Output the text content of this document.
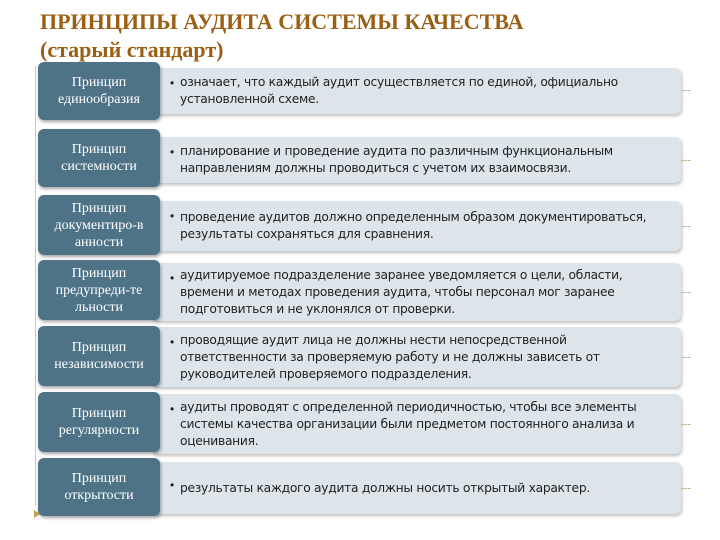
ПРИНЦИПЫ АУДИТА СИСТЕМЫ КАЧЕСТВА
(старый стандарт)
• означает, что каждый аудит осуществляется по единой, официально установленной схеме.
Принцип единообразия
• планирование и проведение аудита по различным функциональным направлениям должны проводиться с учетом их взаимосвязи.
Принцип системности
• проведение аудитов должно определенным образом документироваться, результаты сохраняться для сравнения.
Принцип документиро-в анности
• аудитируемое подразделение заранее уведомляется о цели, области, времени и методах проведения аудита, чтобы персонал мог заранее подготовиться и не уклонялся от проверки.
Принцип предупреди-те льности
• проводящие аудит лица не должны нести непосредственной ответственности за проверяемую работу и не должны зависеть от руководителей проверяемого подразделения.
Принцип независимости
• аудиты проводят с определенной периодичностью, чтобы все элементы системы качества организации были предметом постоянного анализа и оценивания.
Принцип регулярности
• результаты каждого аудита должны носить открытый характер.
Принцип открытости
